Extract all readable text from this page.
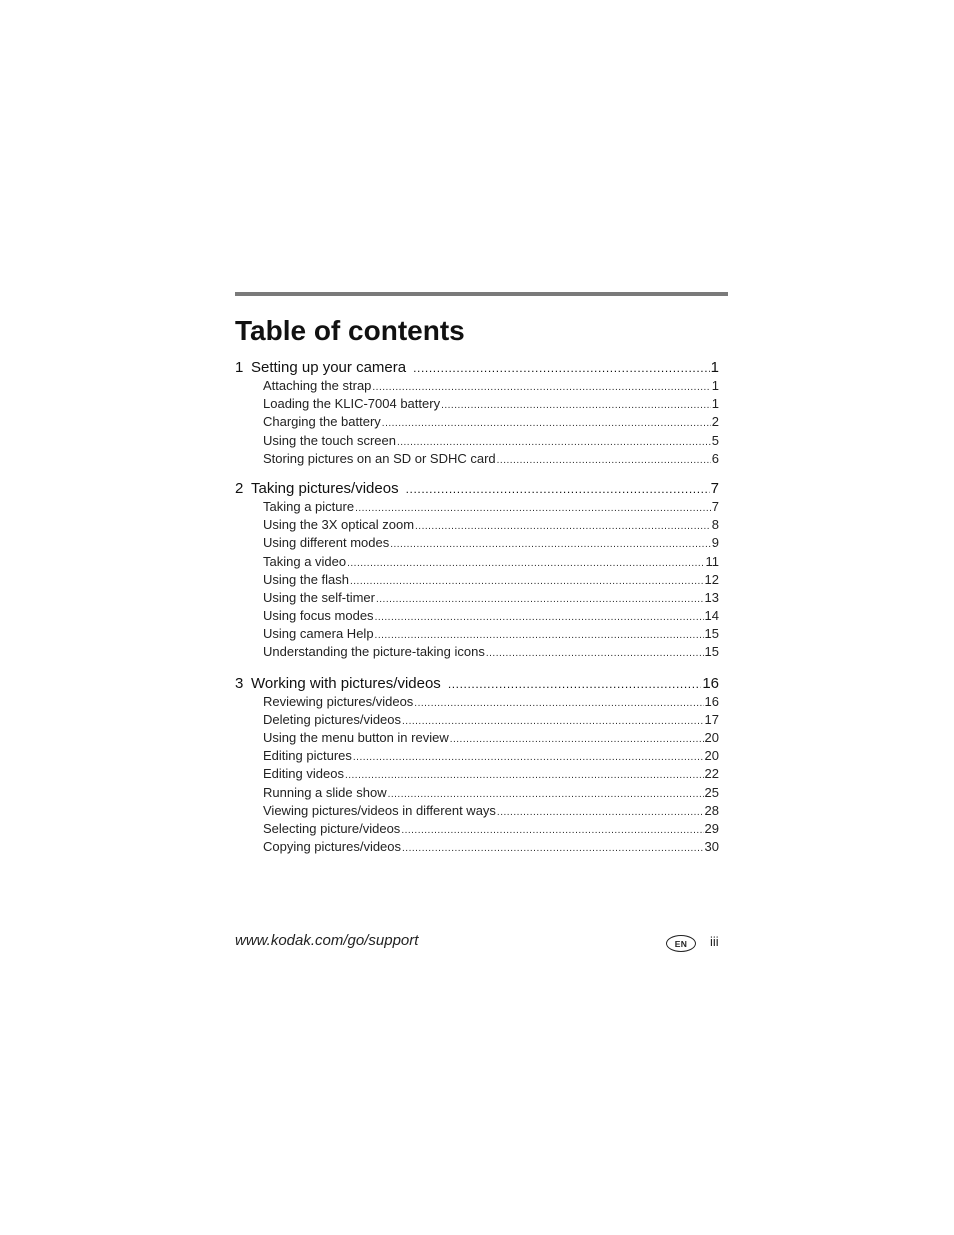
Table of contents
1 Setting up your camera .....	1
Attaching the strap .....	1
Loading the KLIC-7004 battery .....	1
Charging the battery .....	2
Using the touch screen .....	5
Storing pictures on an SD or SDHC card .....	6
2 Taking pictures/videos .....	7
Taking a picture .....	7
Using the 3X optical zoom .....	8
Using different modes .....	9
Taking a video .....	11
Using the flash .....	12
Using the self-timer .....	13
Using focus modes .....	14
Using camera Help .....	15
Understanding the picture-taking icons .....	15
3 Working with pictures/videos .....	16
Reviewing pictures/videos .....	16
Deleting pictures/videos .....	17
Using the menu button in review .....	20
Editing pictures .....	20
Editing videos .....	22
Running a slide show .....	25
Viewing pictures/videos in different ways .....	28
Selecting picture/videos .....	29
Copying pictures/videos .....	30
www.kodak.com/go/support	EN	iii
